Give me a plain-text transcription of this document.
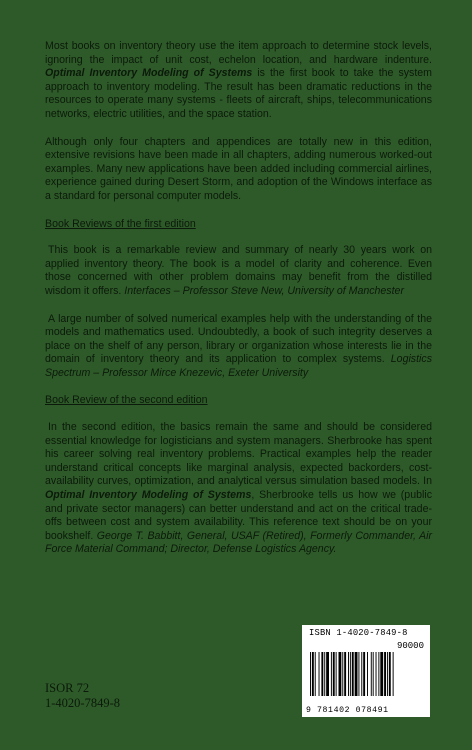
Most books on inventory theory use the item approach to determine stock levels, ignoring the impact of unit cost, echelon location, and hardware indenture. Optimal Inventory Modeling of Systems is the first book to take the system approach to inventory modeling. The result has been dramatic reductions in the resources to operate many systems - fleets of aircraft, ships, telecommunications networks, electric utilities, and the space station.

Although only four chapters and appendices are totally new in this edition, extensive revisions have been made in all chapters, adding numerous worked-out examples. Many new applications have been added including commercial airlines, experience gained during Desert Storm, and adoption of the Windows interface as a standard for personal computer models.

Book Reviews of the first edition

This book is a remarkable review and summary of nearly 30 years work on applied inventory theory. The book is a model of clarity and coherence. Even those concerned with other problem domains may benefit from the distilled wisdom it offers. Interfaces – Professor Steve New, University of Manchester

A large number of solved numerical examples help with the understanding of the models and mathematics used. Undoubtedly, a book of such integrity deserves a place on the shelf of any person, library or organization whose interests lie in the domain of inventory theory and its application to complex systems. Logistics Spectrum – Professor Mirce Knezevic, Exeter University

Book Review of the second edition

In the second edition, the basics remain the same and should be considered essential knowledge for logisticians and system managers. Sherbrooke has spent his career solving real inventory problems. Practical examples help the reader understand critical concepts like marginal analysis, expected backorders, cost-availability curves, optimization, and analytical versus simulation based models. In Optimal Inventory Modeling of Systems, Sherbrooke tells us how we (public and private sector managers) can better understand and act on the critical trade-offs between cost and system availability. This reference text should be on your bookshelf. George T. Babbitt, General, USAF (Retired), Formerly Commander, Air Force Material Command; Director, Defense Logistics Agency.

ISOR 72
1-4020-7849-8
ISBN 1-4020-7849-8
90000
9 781402 078491
